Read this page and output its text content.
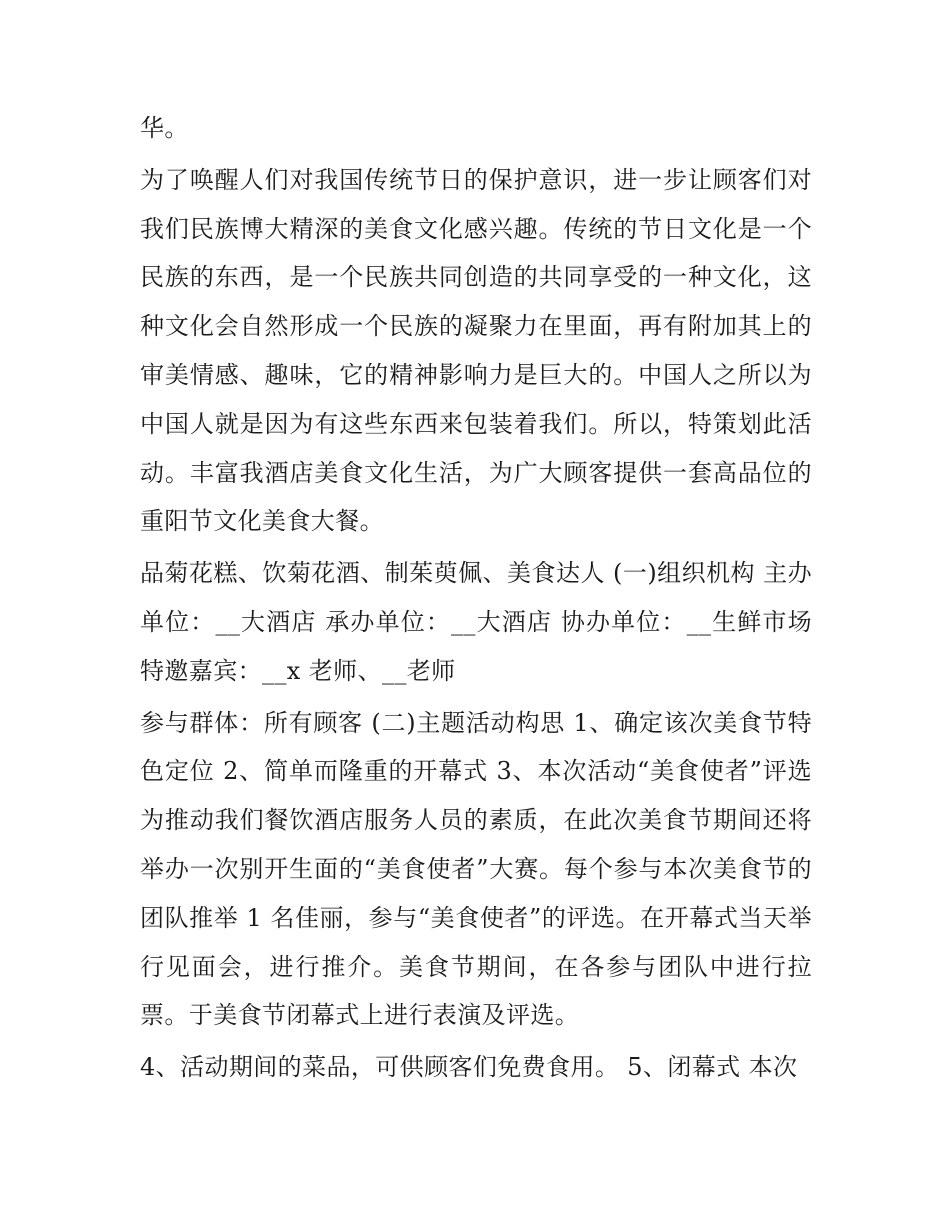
华。

为了唤醒人们对我国传统节日的保护意识，进一步让顾客们对我们民族博大精深的美食文化感兴趣。传统的节日文化是一个民族的东西，是一个民族共同创造的共同享受的一种文化，这种文化会自然形成一个民族的凝聚力在里面，再有附加其上的审美情感、趣味，它的精神影响力是巨大的。中国人之所以为中国人就是因为有这些东西来包装着我们。所以，特策划此活动。丰富我酒店美食文化生活，为广大顾客提供一套高品位的重阳节文化美食大餐。

品菊花糕、饮菊花酒、制茱萸佩、美食达人 (一)组织机构 主办单位：__大酒店 承办单位：__大酒店 协办单位：__生鲜市场 特邀嘉宾：__x 老师、__老师

参与群体：所有顾客 (二)主题活动构思 1、确定该次美食节特色定位 2、简单而隆重的开幕式 3、本次活动“美食使者”评选 为推动我们餐饮酒店服务人员的素质，在此次美食节期间还将举办一次别开生面的“美食使者”大赛。每个参与本次美食节的团队推举 1 名佳丽，参与“美食使者”的评选。在开幕式当天举行见面会，进行推介。美食节期间，在各参与团队中进行拉票。于美食节闭幕式上进行表演及评选。

4、活动期间的菜品，可供顾客们免费食用。 5、闭幕式 本次
